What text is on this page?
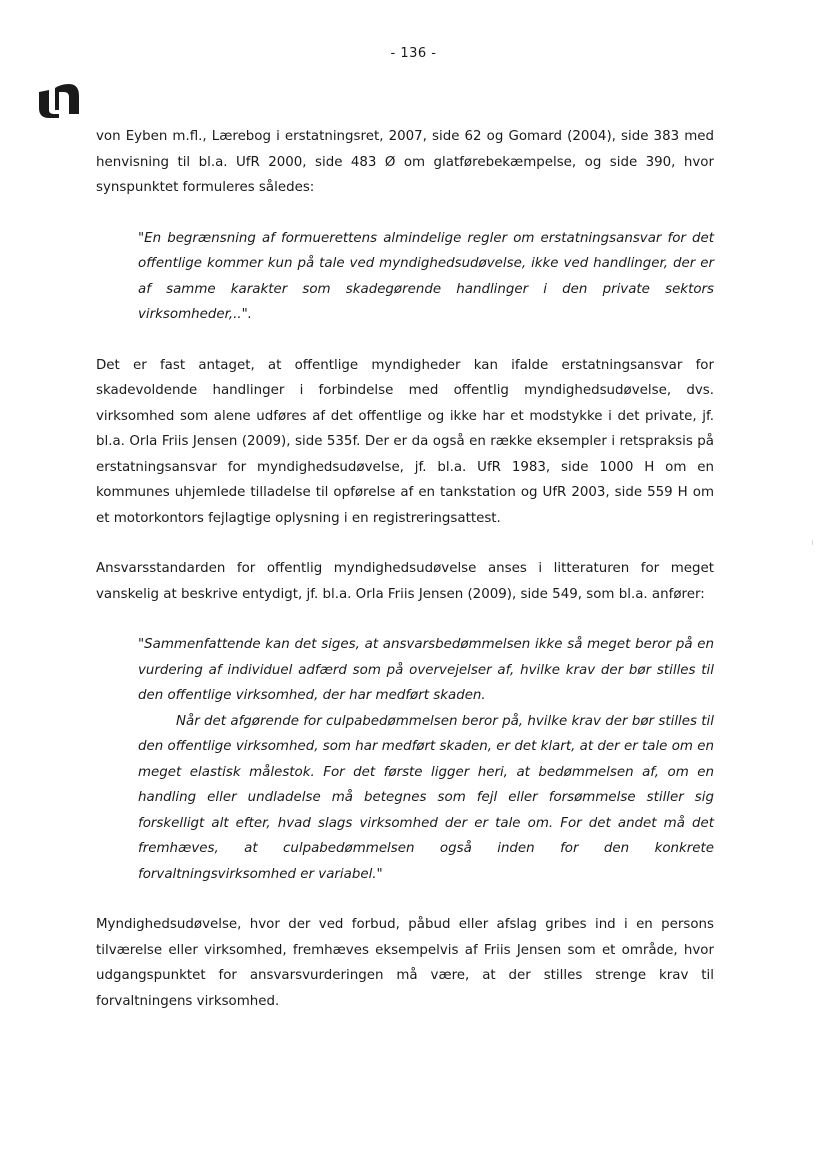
- 136 -

von Eyben m.fl., Lærebog i erstatningsret, 2007, side 62 og Gomard (2004), side 383 med henvisning til bl.a. UfR 2000, side 483 Ø om glatførebekæmpelse, og side 390, hvor synspunktet formuleres således:

"En begrænsning af formuerettens almindelige regler om erstatningsansvar for det offentlige kommer kun på tale ved myndighedsudøvelse, ikke ved handlinger, der er af samme karakter som skadegørende handlinger i den private sektors virksomheder,..".

Det er fast antaget, at offentlige myndigheder kan ifalde erstatningsansvar for skadevoldende handlinger i forbindelse med offentlig myndighedsudøvelse, dvs. virksomhed som alene udføres af det offentlige og ikke har et modstykke i det private, jf. bl.a. Orla Friis Jensen (2009), side 535f. Der er da også en række eksempler i retspraksis på erstatningsansvar for myndighedsudøvelse, jf. bl.a. UfR 1983, side 1000 H om en kommunes uhjemlede tilladelse til opførelse af en tankstation og UfR 2003, side 559 H om et motorkontors fejlagtige oplysning i en registreringsattest.

Ansvarsstandarden for offentlig myndighedsudøvelse anses i litteraturen for meget vanskelig at beskrive entydigt, jf. bl.a. Orla Friis Jensen (2009), side 549, som bl.a. anfører:

"Sammenfattende kan det siges, at ansvarsbedømmelsen ikke så meget beror på en vurdering af individuel adfærd som på overvejelser af, hvilke krav der bør stilles til den offentlige virksomhed, der har medført skaden.

Når det afgørende for culpabedømmelsen beror på, hvilke krav der bør stilles til den offentlige virksomhed, som har medført skaden, er det klart, at der er tale om en meget elastisk målestok. For det første ligger heri, at bedømmelsen af, om en handling eller undladelse må betegnes som fejl eller forsømmelse stiller sig forskelligt alt efter, hvad slags virksomhed der er tale om. For det andet må det fremhæves, at culpabedømmelsen også inden for den konkrete forvaltningsvirksomhed er variabel."

Myndighedsudøvelse, hvor der ved forbud, påbud eller afslag gribes ind i en persons tilværelse eller virksomhed, fremhæves eksempelvis af Friis Jensen som et område, hvor udgangspunktet for ansvarsvurderingen må være, at der stilles strenge krav til forvaltningens virksomhed.
